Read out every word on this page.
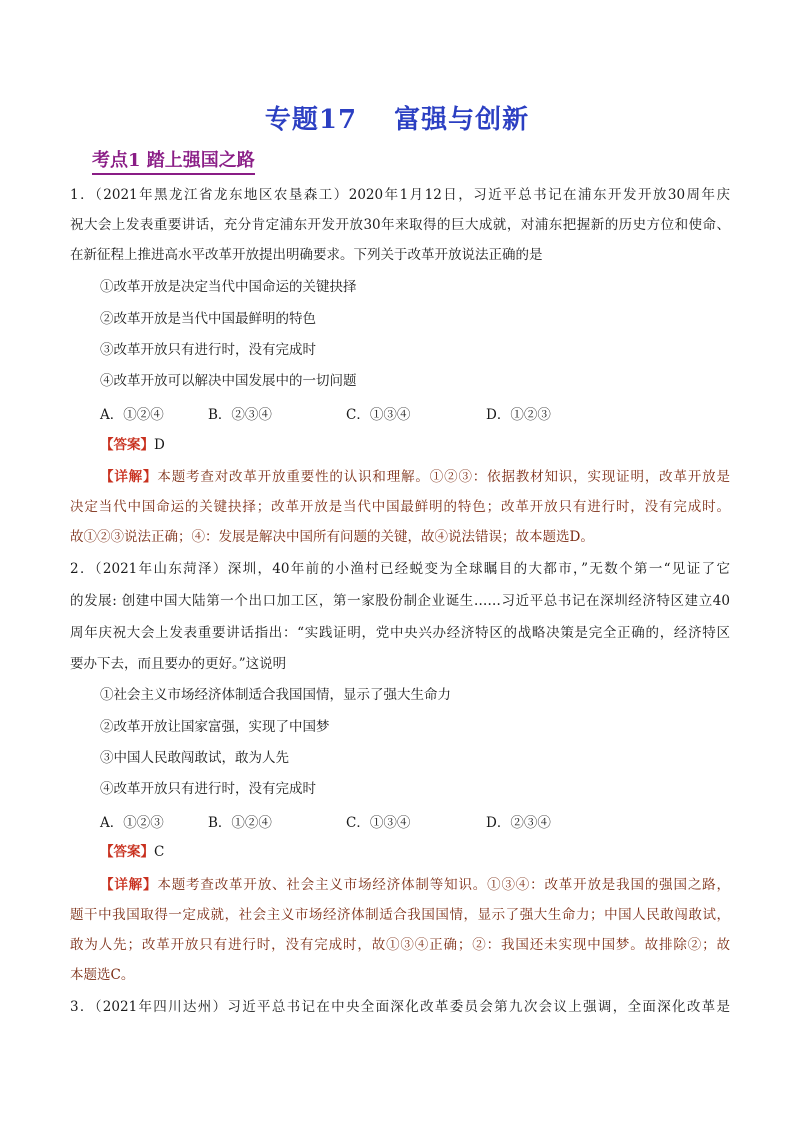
专题17　 富强与创新
考点1 踏上强国之路
1．（2021年黑龙江省龙东地区农垦森工）2020年1月12日，习近平总书记在浦东开发开放30周年庆
祝大会上发表重要讲话，充分肯定浦东开发开放30年来取得的巨大成就，对浦东把握新的历史方位和使命、
在新征程上推进高水平改革开放提出明确要求。下列关于改革开放说法正确的是
①改革开放是决定当代中国命运的关键抉择
②改革开放是当代中国最鲜明的特色
③改革开放只有进行时，没有完成时
④改革开放可以解决中国发展中的一切问题
A．①②④	B．②③④	C．①③④	D．①②③
【答案】D
【详解】本题考查对改革开放重要性的认识和理解。①②③：依据教材知识，实现证明，改革开放是
决定当代中国命运的关键抉择；改革开放是当代中国最鲜明的特色；改革开放只有进行时，没有完成时。
故①②③说法正确；④：发展是解决中国所有问题的关键，故④说法错误；故本题选D。
2．（2021年山东菏泽）深圳，40年前的小渔村已经蜕变为全球瞩目的大都市，”无数个第一“见证了它
的发展: 创建中国大陆第一个出口加工区，第一家股份制企业诞生……习近平总书记在深圳经济特区建立40
周年庆祝大会上发表重要讲话指出：“实践证明，党中央兴办经济特区的战略决策是完全正确的，经济特区
要办下去，而且要办的更好。”这说明
①社会主义市场经济体制适合我国国情，显示了强大生命力
②改革开放让国家富强，实现了中国梦
③中国人民敢闯敢试，敢为人先
④改革开放只有进行时，没有完成时
A．①②③	B．①②④	C．①③④	D．②③④
【答案】C
【详解】本题考查改革开放、社会主义市场经济体制等知识。①③④：改革开放是我国的强国之路，
题干中我国取得一定成就，社会主义市场经济体制适合我国国情，显示了强大生命力；中国人民敢闯敢试，
敢为人先；改革开放只有进行时，没有完成时，故①③④正确；②：我国还未实现中国梦。故排除②；故
本题选C。
3．（2021年四川达州）习近平总书记在中央全面深化改革委员会第九次会议上强调，全面深化改革是
